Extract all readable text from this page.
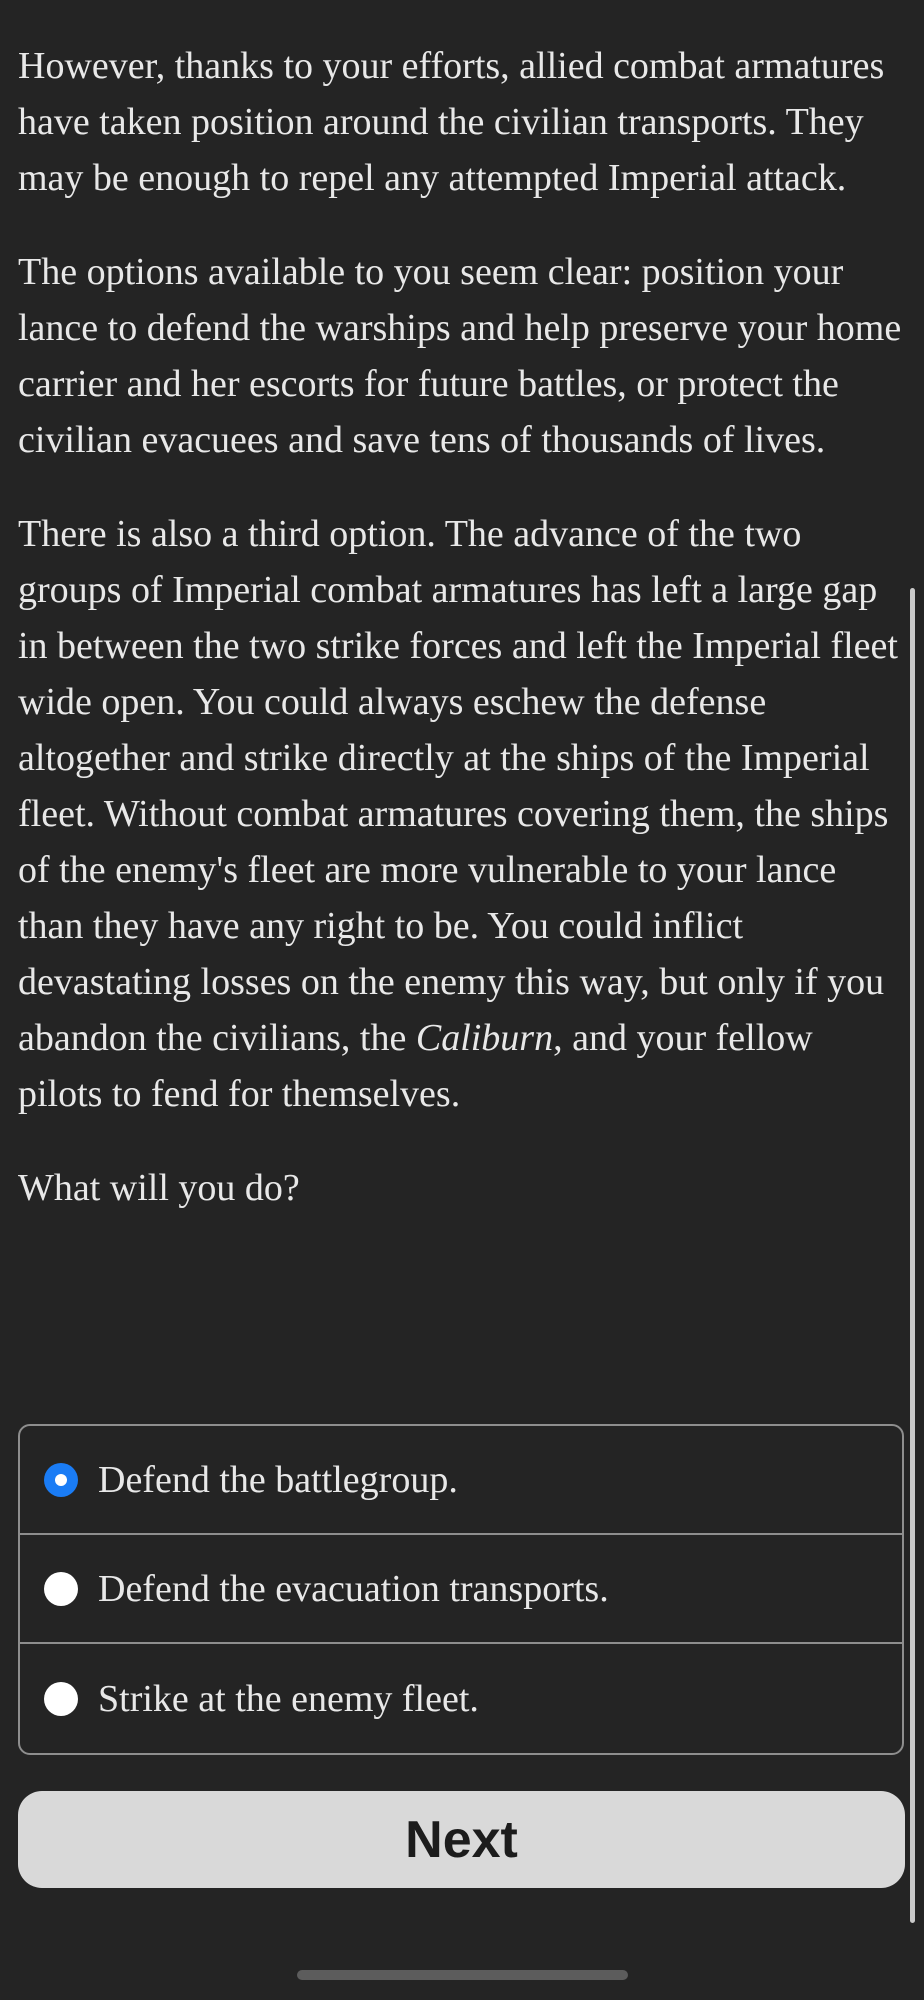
However, thanks to your efforts, allied combat armatures have taken position around the civilian transports. They may be enough to repel any attempted Imperial attack.

The options available to you seem clear: position your lance to defend the warships and help preserve your home carrier and her escorts for future battles, or protect the civilian evacuees and save tens of thousands of lives.

There is also a third option. The advance of the two groups of Imperial combat armatures has left a large gap in between the two strike forces and left the Imperial fleet wide open. You could always eschew the defense altogether and strike directly at the ships of the Imperial fleet. Without combat armatures covering them, the ships of the enemy's fleet are more vulnerable to your lance than they have any right to be. You could inflict devastating losses on the enemy this way, but only if you abandon the civilians, the Caliburn, and your fellow pilots to fend for themselves.

What will you do?

Defend the battlegroup.
Defend the evacuation transports.
Strike at the enemy fleet.
Next
